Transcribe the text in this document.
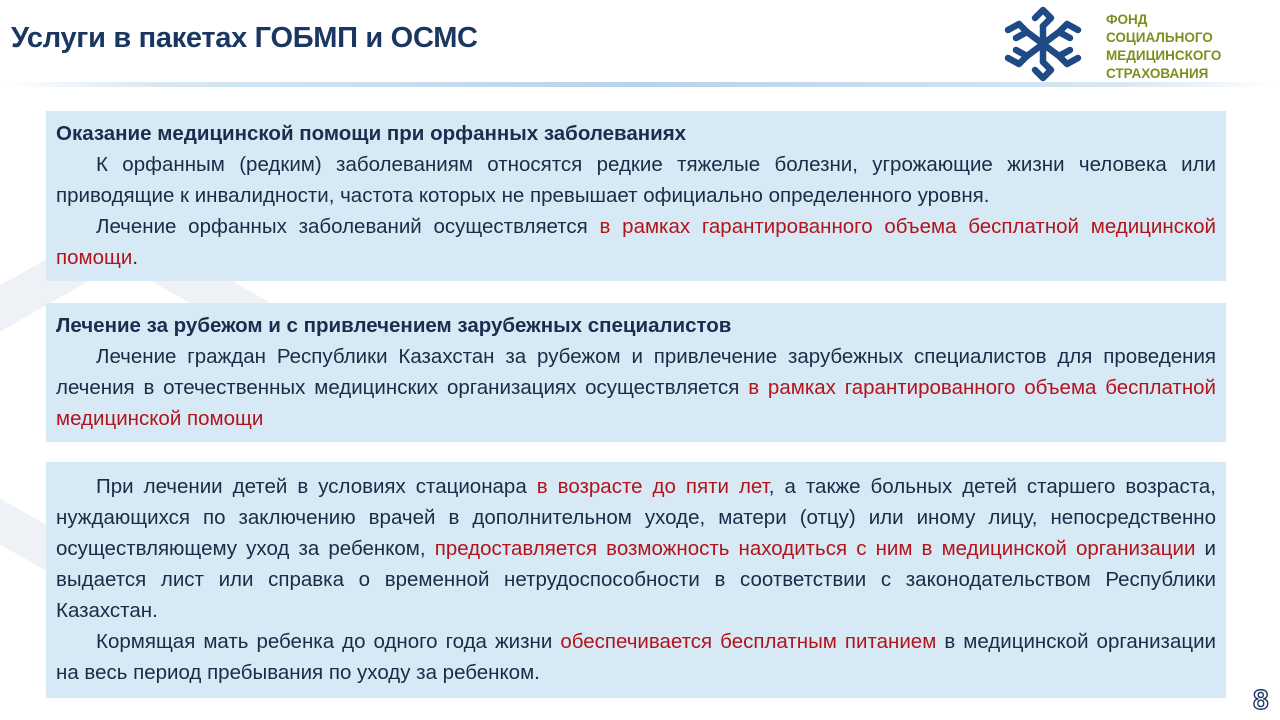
Услуги в пакетах ГОБМП и ОСМС
ФОНД
СОЦИАЛЬНОГО
МЕДИЦИНСКОГО
СТРАХОВАНИЯ
Оказание медицинской помощи при орфанных заболеваниях

К орфанным (редким) заболеваниям относятся редкие тяжелые болезни, угрожающие жизни человека или приводящие к инвалидности, частота которых не превышает официально определенного уровня.

Лечение орфанных заболеваний осуществляется в рамках гарантированного объема бесплатной медицинской помощи.

Лечение за рубежом и с привлечением зарубежных специалистов

Лечение граждан Республики Казахстан за рубежом и привлечение зарубежных специалистов для проведения лечения в отечественных медицинских организациях осуществляется в рамках гарантированного объема бесплатной медицинской помощи

При лечении детей в условиях стационара в возрасте до пяти лет, а также больных детей старшего возраста, нуждающихся по заключению врачей в дополнительном уходе, матери (отцу) или иному лицу, непосредственно осуществляющему уход за ребенком, предоставляется возможность находиться с ним в медицинской организации и выдается лист или справка о временной нетрудоспособности в соответствии с законодательством Республики Казахстан.

Кормящая мать ребенка до одного года жизни обеспечивается бесплатным питанием в медицинской организации на весь период пребывания по уходу за ребенком.

8
